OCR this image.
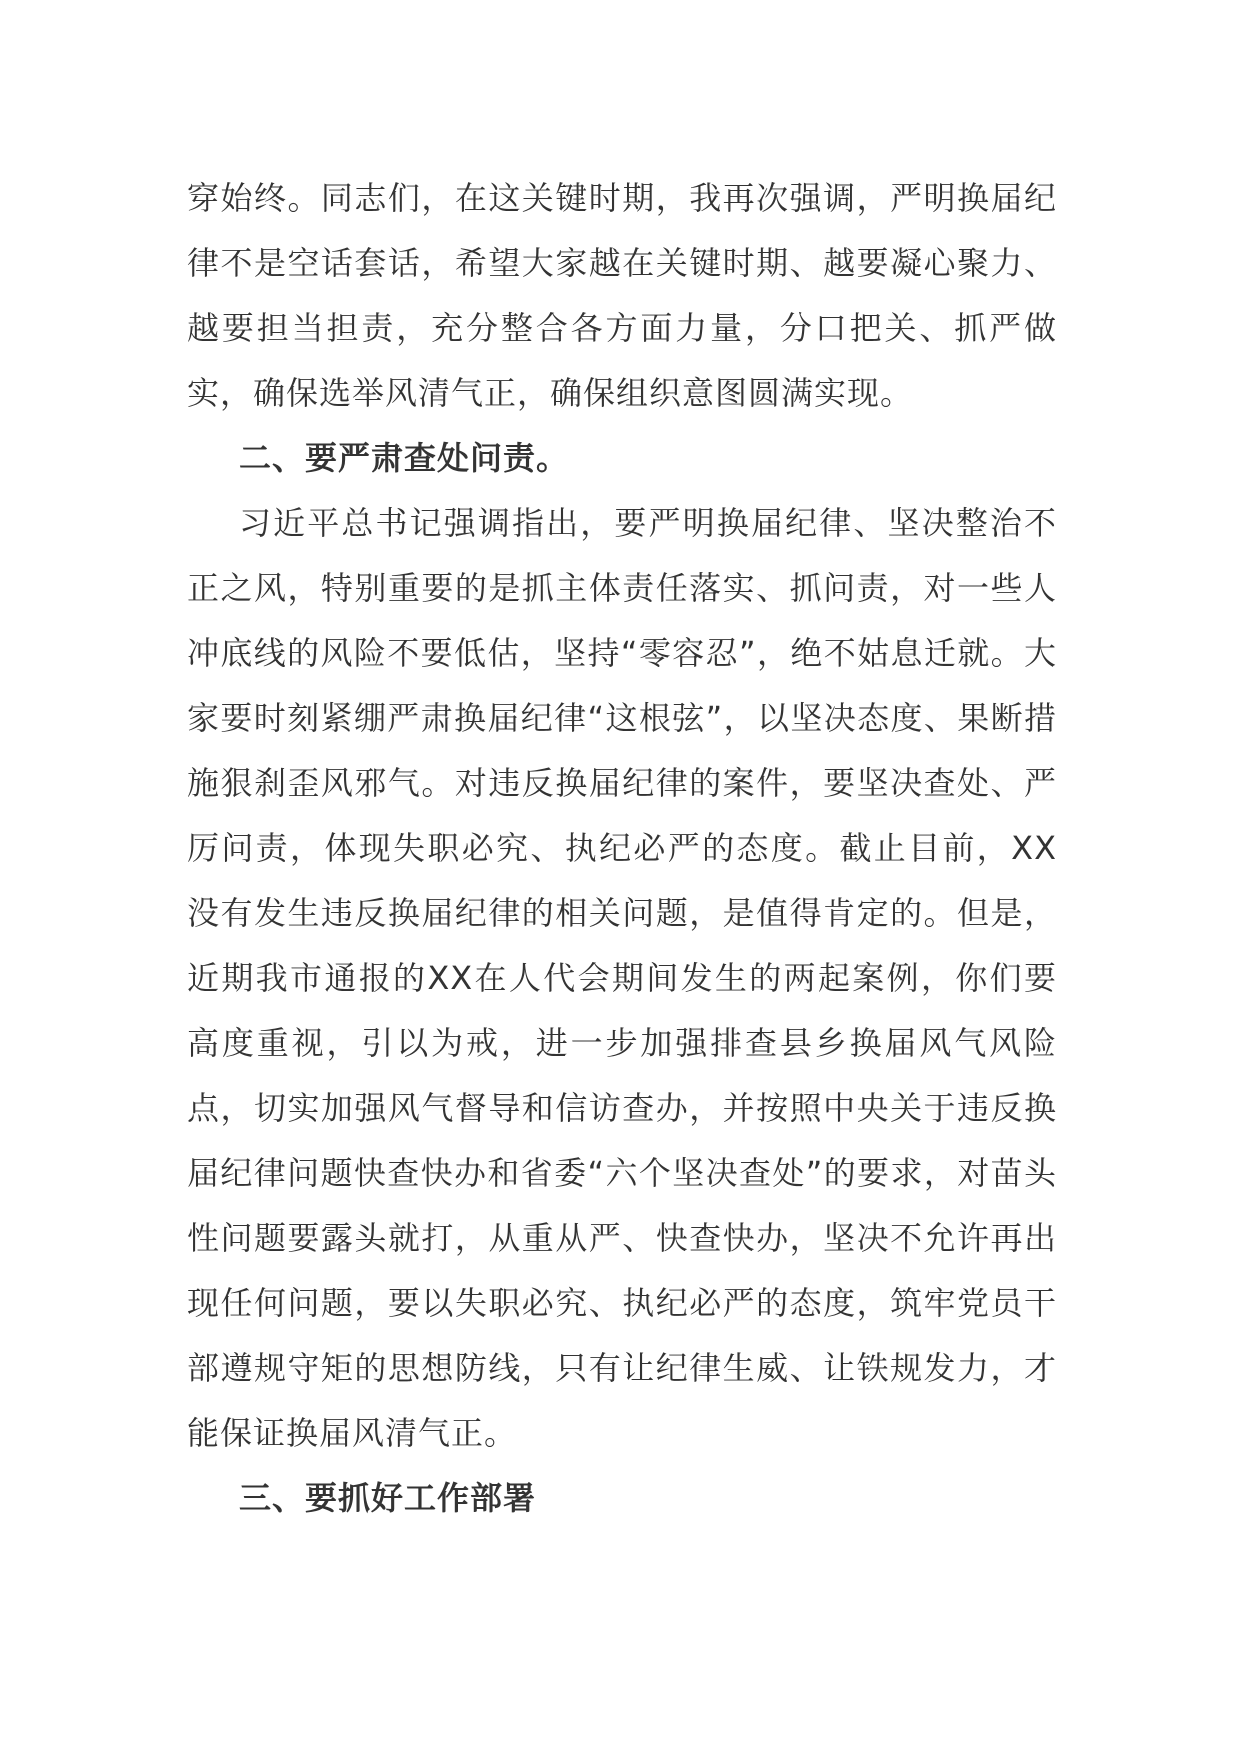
穿始终。同志们，在这关键时期，我再次强调，严明换届纪律不是空话套话，希望大家越在关键时期、越要凝心聚力、越要担当担责，充分整合各方面力量，分口把关、抓严做实，确保选举风清气正，确保组织意图圆满实现。

二、要严肃查处问责。

习近平总书记强调指出，要严明换届纪律、坚决整治不正之风，特别重要的是抓主体责任落实、抓问责，对一些人冲底线的风险不要低估，坚持“零容忍”，绝不姑息迁就。大家要时刻紧绷严肃换届纪律“这根弦”，以坚决态度、果断措施狠刹歪风邪气。对违反换届纪律的案件，要坚决查处、严厉问责，体现失职必究、执纪必严的态度。截止目前，XX没有发生违反换届纪律的相关问题，是值得肯定的。但是，近期我市通报的XX在人代会期间发生的两起案例，你们要高度重视，引以为戒，进一步加强排查县乡换届风气风险点，切实加强风气督导和信访查办，并按照中央关于违反换届纪律问题快查快办和省委“六个坚决查处”的要求，对苗头性问题要露头就打，从重从严、快查快办，坚决不允许再出现任何问题，要以失职必究、执纪必严的态度，筑牢党员干部遵规守矩的思想防线，只有让纪律生威、让铁规发力，才能保证换届风清气正。

三、要抓好工作部署
